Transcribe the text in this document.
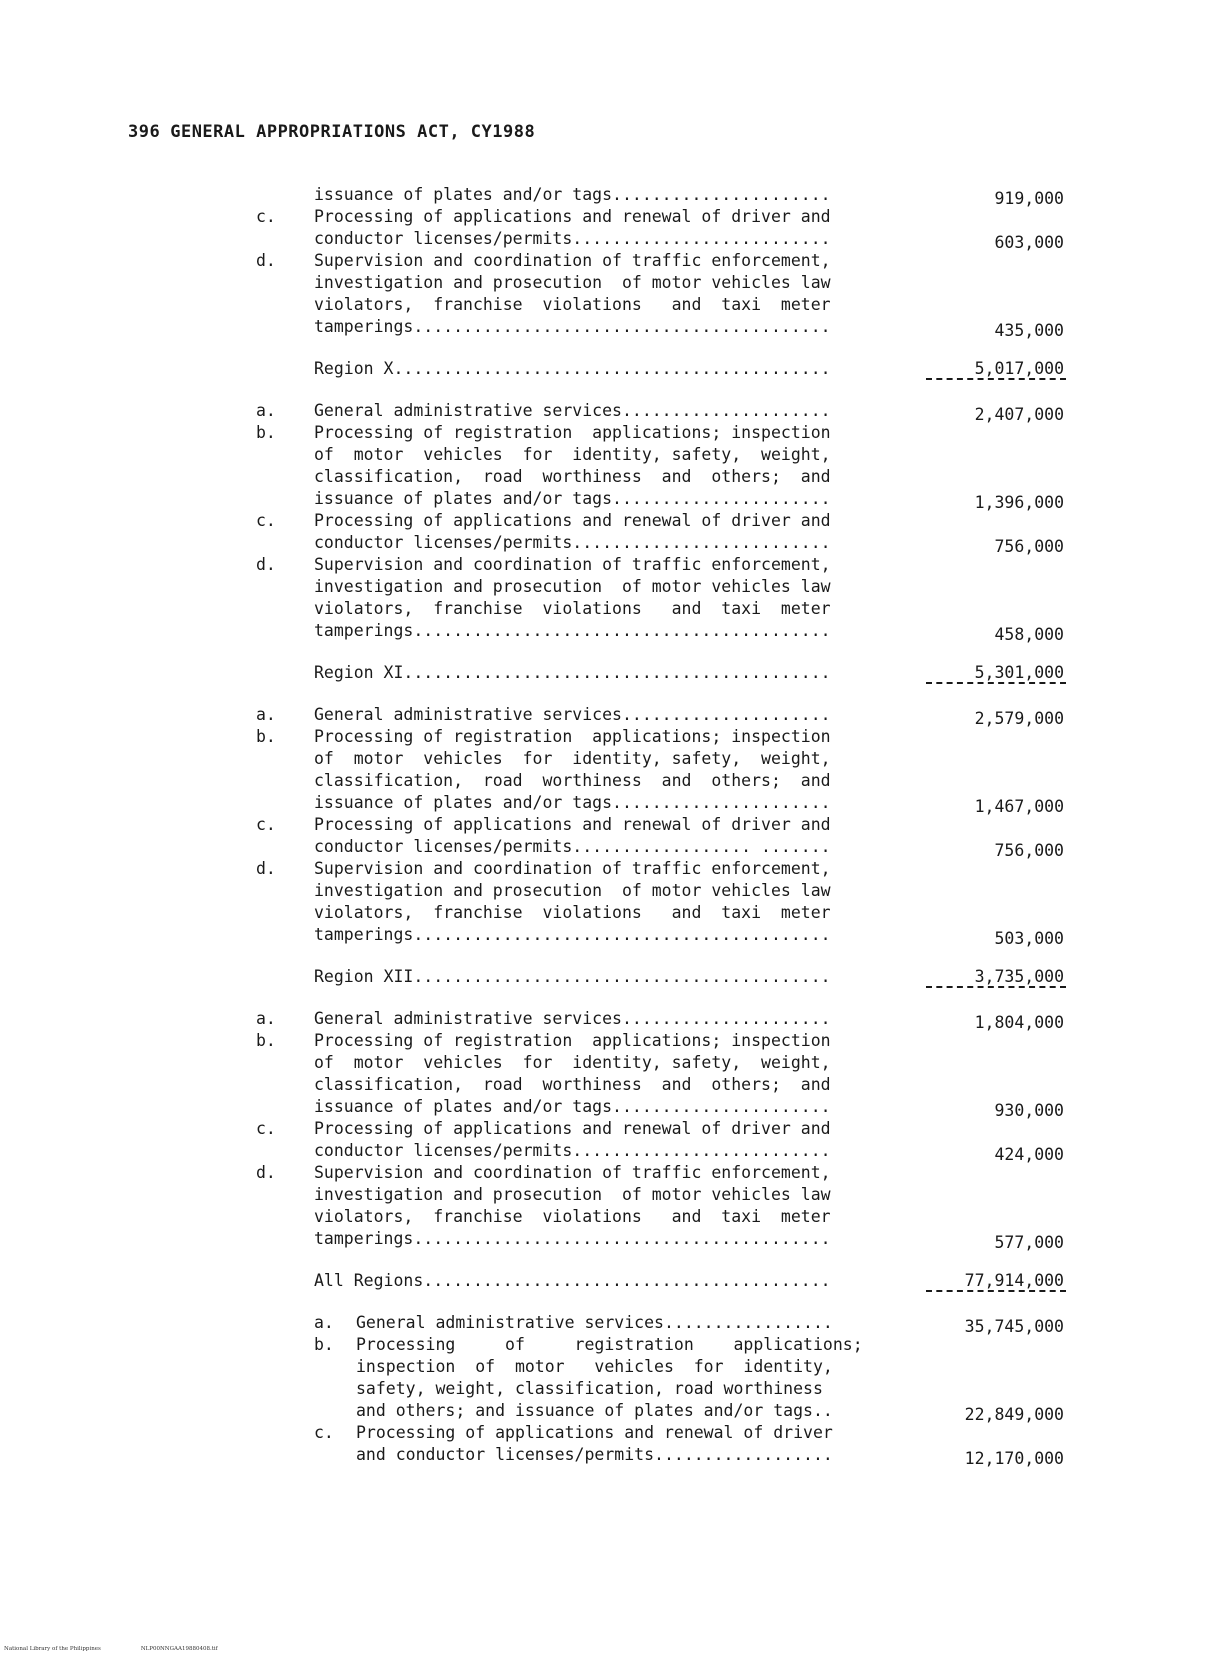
396 GENERAL APPROPRIATIONS ACT, CY1988
issuance of plates and/or tags......................	919,000
c. Processing of applications and renewal of driver and
conductor licenses/permits..........................	603,000
d. Supervision and coordination of traffic enforcement,
investigation and prosecution  of motor vehicles law
violators,  franchise  violations   and  taxi  meter
tamperings..........................................	435,000
Region X............................................	5,017,000
a. General administrative services.....................	2,407,000
b. Processing of registration  applications; inspection
of  motor  vehicles  for  identity, safety,  weight,
classification,  road  worthiness  and  others;  and
issuance of plates and/or tags......................	1,396,000
c. Processing of applications and renewal of driver and
conductor licenses/permits..........................	756,000
d. Supervision and coordination of traffic enforcement,
investigation and prosecution  of motor vehicles law
violators,  franchise  violations   and  taxi  meter
tamperings..........................................	458,000
Region XI...........................................	5,301,000
a. General administrative services.....................	2,579,000
b. Processing of registration  applications; inspection
of  motor  vehicles  for  identity, safety,  weight,
classification,  road  worthiness  and  others;  and
issuance of plates and/or tags......................	1,467,000
c. Processing of applications and renewal of driver and
conductor licenses/permits.................. .......	756,000
d. Supervision and coordination of traffic enforcement,
investigation and prosecution  of motor vehicles law
violators,  franchise  violations   and  taxi  meter
tamperings..........................................	503,000
Region XII..........................................	3,735,000
a. General administrative services.....................	1,804,000
b. Processing of registration  applications; inspection
of  motor  vehicles  for  identity, safety,  weight,
classification,  road  worthiness  and  others;  and
issuance of plates and/or tags......................	930,000
c. Processing of applications and renewal of driver and
conductor licenses/permits..........................	424,000
d. Supervision and coordination of traffic enforcement,
investigation and prosecution  of motor vehicles law
violators,  franchise  violations   and  taxi  meter
tamperings..........................................	577,000
All Regions.........................................	77,914,000
a. General administrative services.................	35,745,000
b. Processing     of     registration    applications;
inspection  of  motor   vehicles  for  identity,
safety, weight, classification, road worthiness
and others; and issuance of plates and/or tags..	22,849,000
c. Processing of applications and renewal of driver
and conductor licenses/permits..................	12,170,000
National Library of the Philippines	NLP00NNGAA19880408.tif
